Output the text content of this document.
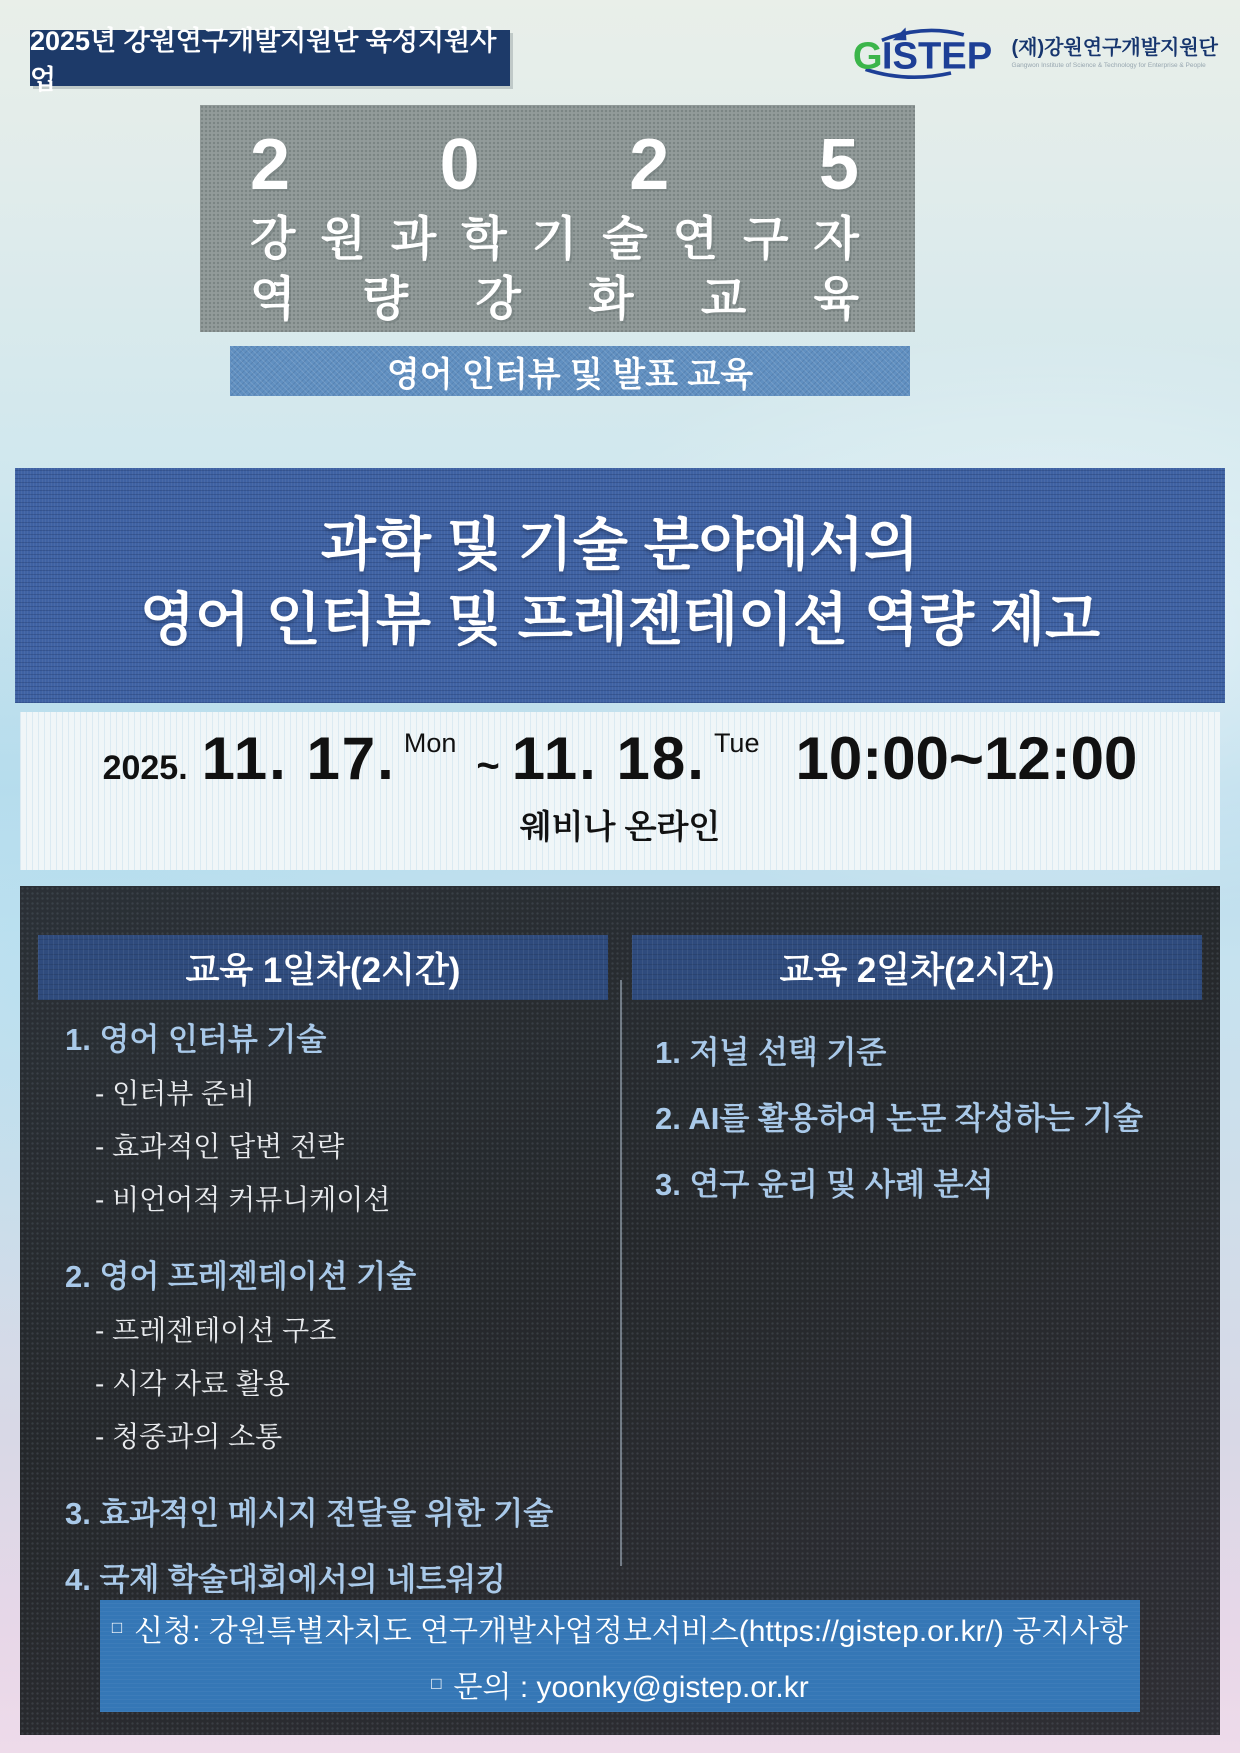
2025년 강원연구개발지원단 육성지원사업
G ISTEP (재)강원연구개발지원단
Gangwon Institute of Science & Technology for Enterprise & People
2 0 2 5
강 원 과 학 기 술 연 구 자
역 량 강 화 교 육
영어 인터뷰 및 발표 교육
과학 및 기술 분야에서의
영어 인터뷰 및 프레젠테이션 역량 제고
2025. 11. 17. Mon
~ 11. 18. Tue 10:00~12:00
웨비나 온라인
교육 1일차(2시간)	교육 2일차(2시간)
1. 영어 인터뷰 기술
- 인터뷰 준비
- 효과적인 답변 전략
- 비언어적 커뮤니케이션
2. 영어 프레젠테이션 기술
- 프레젠테이션 구조
- 시각 자료 활용
- 청중과의 소통
3. 효과적인 메시지 전달을 위한 기술
4. 국제 학술대회에서의 네트워킹
1. 저널 선택 기준
2. AI를 활용하여 논문 작성하는 기술
3. 연구 윤리 및 사례 분석
□ 신청: 강원특별자치도 연구개발사업정보서비스(https://gistep.or.kr/) 공지사항
□ 문의 : yoonky@gistep.or.kr
